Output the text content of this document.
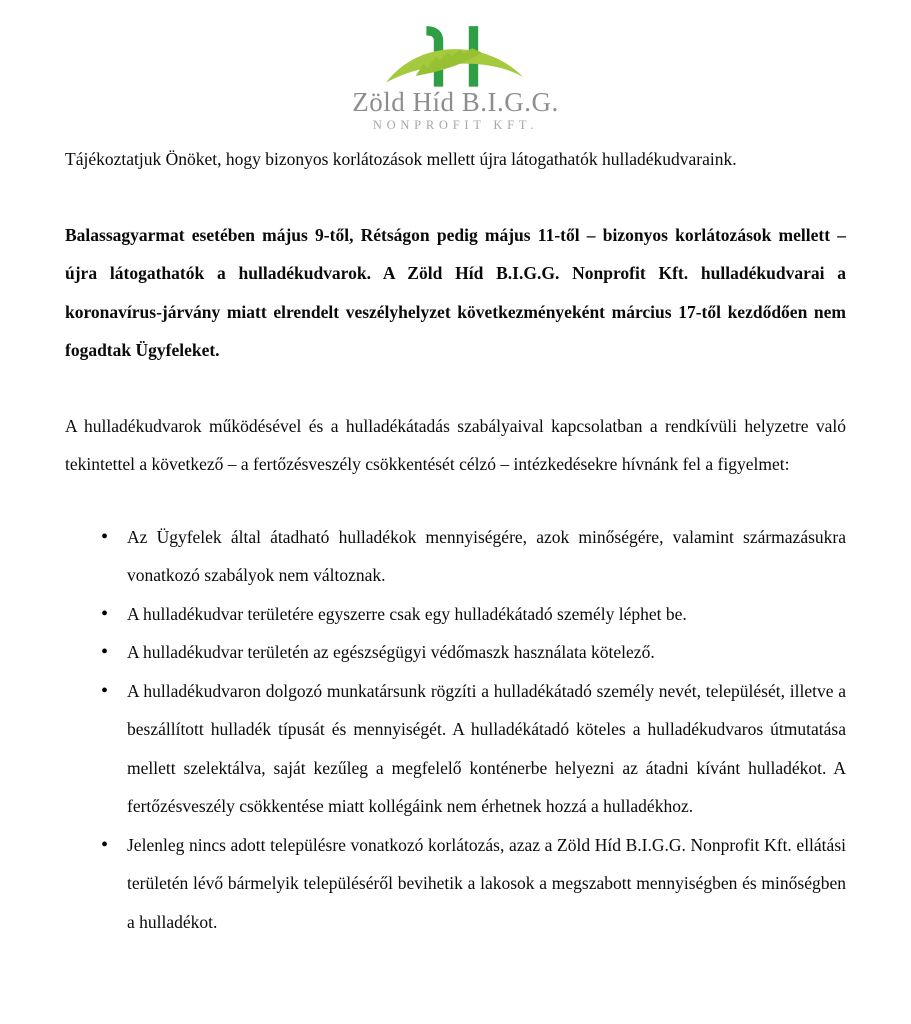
Zöld Híd B.I.G.G.
NONPROFIT KFT.

Tájékoztatjuk Önöket, hogy bizonyos korlátozások mellett újra látogathatók hulladékudvaraink.

Balassagyarmat esetében május 9-től, Rétságon pedig május 11-től – bizonyos korlátozások mellett – újra látogathatók a hulladékudvarok. A Zöld Híd B.I.G.G. Nonprofit Kft. hulladékudvarai a koronavírus-járvány miatt elrendelt veszélyhelyzet következményeként március 17-től kezdődően nem fogadtak Ügyfeleket.

A hulladékudvarok működésével és a hulladékátadás szabályaival kapcsolatban a rendkívüli helyzetre való tekintettel a következő – a fertőzésveszély csökkentését célzó – intézkedésekre hívnánk fel a figyelmet:

• Az Ügyfelek által átadható hulladékok mennyiségére, azok minőségére, valamint származásukra vonatkozó szabályok nem változnak.
• A hulladékudvar területére egyszerre csak egy hulladékátadó személy léphet be.
• A hulladékudvar területén az egészségügyi védőmaszk használata kötelező.
• A hulladékudvaron dolgozó munkatársunk rögzíti a hulladékátadó személy nevét, települését, illetve a beszállított hulladék típusát és mennyiségét. A hulladékátadó köteles a hulladékudvaros útmutatása mellett szelektálva, saját kezűleg a megfelelő konténerbe helyezni az átadni kívánt hulladékot. A fertőzésveszély csökkentése miatt kollégáink nem érhetnek hozzá a hulladékhoz.
• Jelenleg nincs adott településre vonatkozó korlátozás, azaz a Zöld Híd B.I.G.G. Nonprofit Kft. ellátási területén lévő bármelyik településéről bevihetik a lakosok a megszabott mennyiségben és minőségben a hulladékot.
